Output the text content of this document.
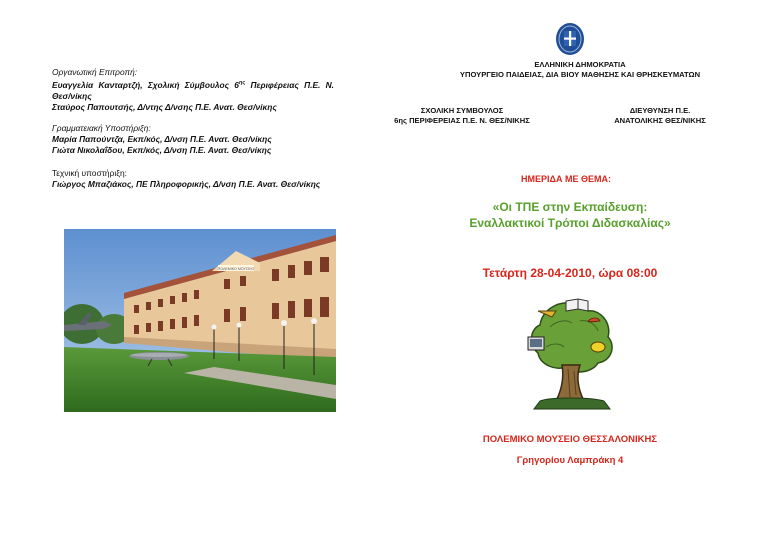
Οργανωτική Επιτροπή:
Ευαγγελία Κανταρτζή, Σχολική Σύμβουλος $6^{\eta\varsigma}$ Περιφέρειας Π.Ε. Ν. Θεσ/νίκης
Σταύρος Παπουτσής, Δ/ντης Δ/νσης Π.Ε. Ανατ. Θεσ/νίκης
Γραμματειακή Υποστήριξη:
Μαρία Παπούντζα, Εκπ/κός, Δ/νση Π.Ε. Ανατ. Θεσ/νίκης
Γιώτα Νικολαΐδου, Εκπ/κός, Δ/νση Π.Ε. Ανατ. Θεσ/νίκης
Τεχνική υποστήριξη:
Γιώργος Μπαζιάκος, ΠΕ Πληροφορικής, Δ/νση Π.Ε. Ανατ. Θεσ/νίκης
ΠΟΛΕΜΙΚΟ ΜΟΥΣΕΙΟ
ΕΛΛΗΝΙΚΗ ΔΗΜΟΚΡΑΤΙΑ
ΥΠΟΥΡΓΕΙΟ ΠΑΙΔΕΙΑΣ, ΔΙΑ ΒΙΟΥ ΜΑΘΗΣΗΣ ΚΑΙ ΘΡΗΣΚΕΥΜΑΤΩΝ
ΣΧΟΛΙΚΗ ΣΥΜΒΟΥΛΟΣ
6ης ΠΕΡΙΦΕΡΕΙΑΣ Π.Ε. Ν. ΘΕΣ/ΝΙΚΗΣ
ΔΙΕΥΘΥΝΣΗ Π.Ε.
ΑΝΑΤΟΛΙΚΗΣ ΘΕΣ/ΝΙΚΗΣ
ΗΜΕΡΙΔΑ ΜΕ ΘΕΜΑ:
«Οι ΤΠΕ στην Εκπαίδευση:
Εναλλακτικοί Τρόποι Διδασκαλίας»
Τετάρτη 28-04-2010, ώρα 08:00
ΠΟΛΕΜΙΚΟ ΜΟΥΣΕΙΟ ΘΕΣΣΑΛΟΝΙΚΗΣ
Γρηγορίου Λαμπράκη 4
